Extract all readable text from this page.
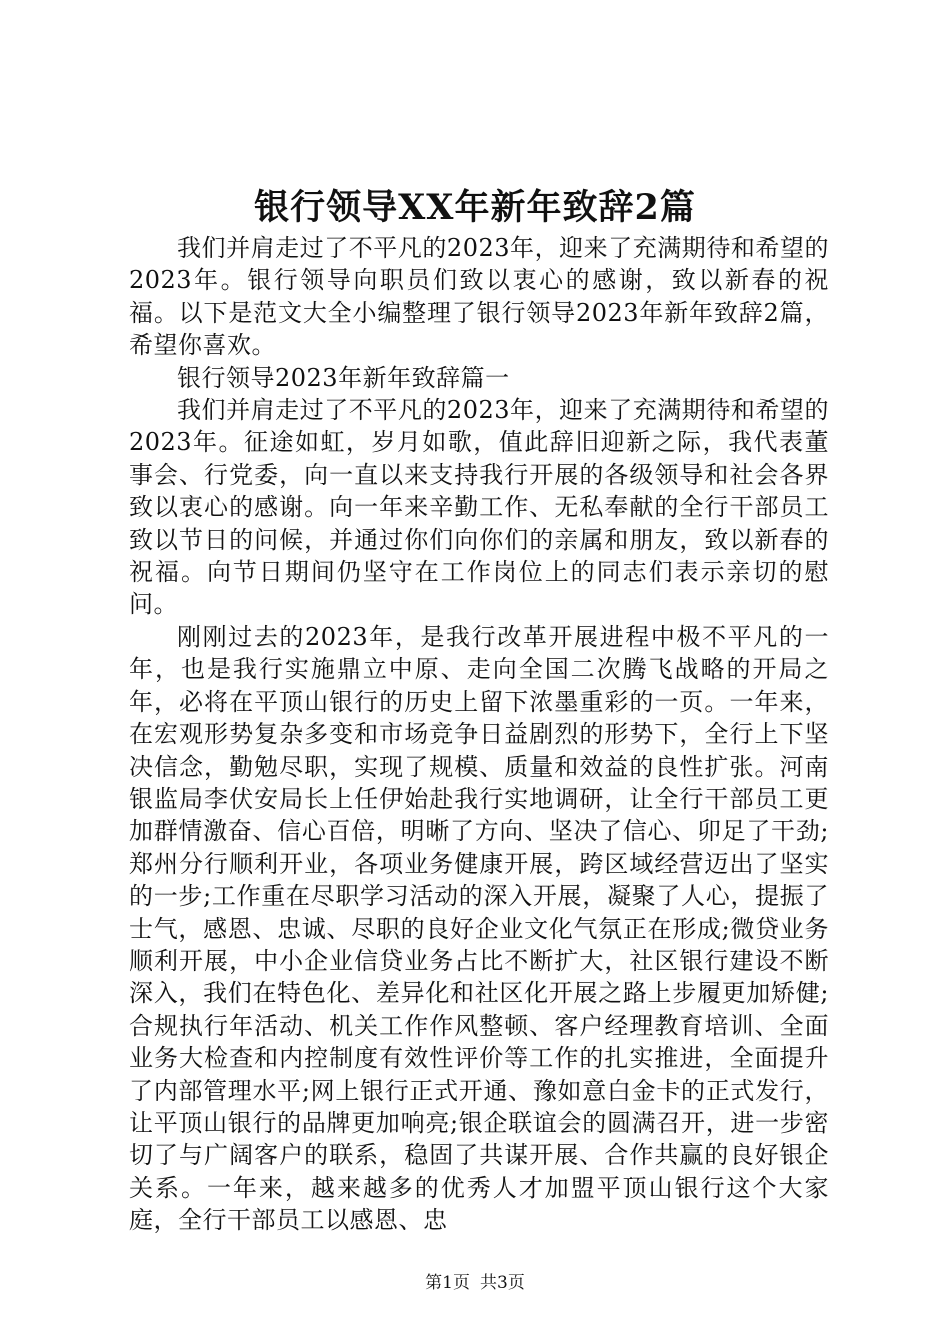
银行领导XX年新年致辞2篇

我们并肩走过了不平凡的2023年，迎来了充满期待和希望的2023年。银行领导向职员们致以衷心的感谢，致以新春的祝福。以下是范文大全小编整理了银行领导2023年新年致辞2篇，希望你喜欢。

银行领导2023年新年致辞篇一

我们并肩走过了不平凡的2023年，迎来了充满期待和希望的2023年。征途如虹，岁月如歌，值此辞旧迎新之际，我代表董事会、行党委，向一直以来支持我行开展的各级领导和社会各界致以衷心的感谢。向一年来辛勤工作、无私奉献的全行干部员工致以节日的问候，并通过你们向你们的亲属和朋友，致以新春的祝福。向节日期间仍坚守在工作岗位上的同志们表示亲切的慰问。

刚刚过去的2023年，是我行改革开展进程中极不平凡的一年，也是我行实施鼎立中原、走向全国二次腾飞战略的开局之年，必将在平顶山银行的历史上留下浓墨重彩的一页。一年来，在宏观形势复杂多变和市场竞争日益剧烈的形势下，全行上下坚决信念，勤勉尽职，实现了规模、质量和效益的良性扩张。河南银监局李伏安局长上任伊始赴我行实地调研，让全行干部员工更加群情激奋、信心百倍，明晰了方向、坚决了信心、卯足了干劲;郑州分行顺利开业，各项业务健康开展，跨区域经营迈出了坚实的一步;工作重在尽职学习活动的深入开展，凝聚了人心，提振了士气，感恩、忠诚、尽职的良好企业文化气氛正在形成;微贷业务顺利开展，中小企业信贷业务占比不断扩大，社区银行建设不断深入，我们在特色化、差异化和社区化开展之路上步履更加矫健;合规执行年活动、机关工作作风整顿、客户经理教育培训、全面业务大检查和内控制度有效性评价等工作的扎实推进，全面提升了内部管理水平;网上银行正式开通、豫如意白金卡的正式发行，让平顶山银行的品牌更加响亮;银企联谊会的圆满召开，进一步密切了与广阔客户的联系，稳固了共谋开展、合作共赢的良好银企关系。一年来，越来越多的优秀人才加盟平顶山银行这个大家庭，全行干部员工以感恩、忠

第1页 共3页
